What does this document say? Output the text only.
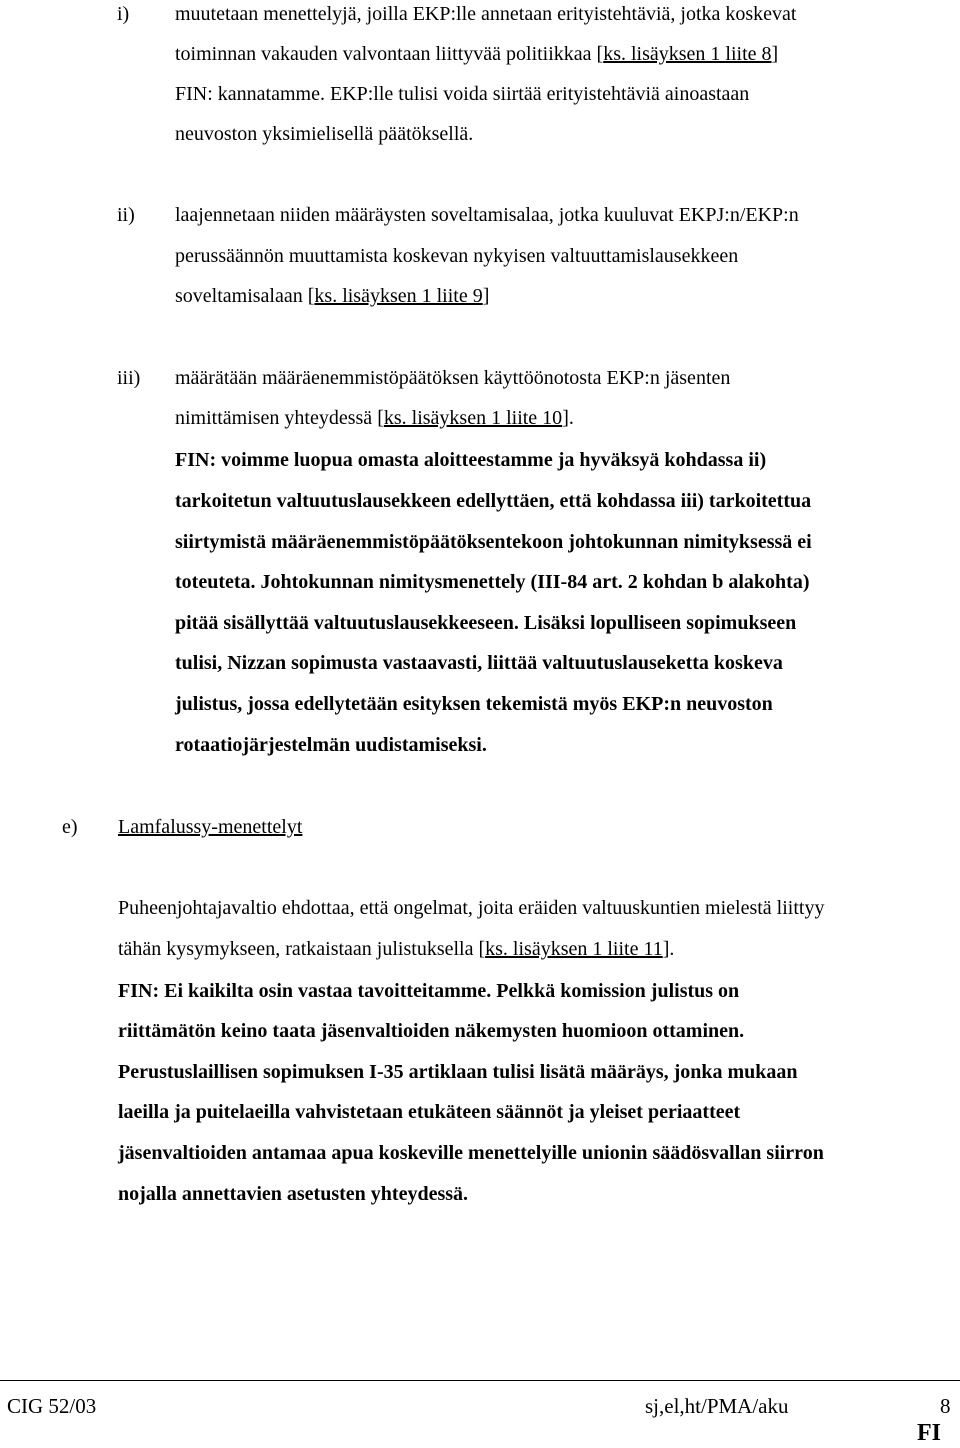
i) muutetaan menettelyjä, joilla EKP:lle annetaan erityistehtäviä, jotka koskevat
toiminnan vakauden valvontaan liittyvää politiikkaa [ks. lisäyksen 1 liite 8]
FIN: kannatamme. EKP:lle tulisi voida siirtää erityistehtäviä ainoastaan
neuvoston yksimielisellä päätöksellä.
ii) laajennetaan niiden määräysten soveltamisalaa, jotka kuuluvat EKPJ:n/EKP:n
perussäännön muuttamista koskevan nykyisen valtuuttamislausekkeen
soveltamisalaan [ks. lisäyksen 1 liite 9]
iii) määrätään määräenemmistöpäätöksen käyttöönotosta EKP:n jäsenten
nimittämisen yhteydessä [ks. lisäyksen 1 liite 10].
FIN: voimme luopua omasta aloitteestamme ja hyväksyä kohdassa ii)
tarkoitetun valtuutuslausekkeen edellyttäen, että kohdassa iii) tarkoitettua
siirtymistä määräenemmistöpäätöksentekoon johtokunnan nimityksessä ei
toteuteta. Johtokunnan nimitysmenettely (III-84 art. 2 kohdan b alakohta)
pitää sisällyttää valtuutuslausekkeeseen. Lisäksi lopulliseen sopimukseen
tulisi, Nizzan sopimusta vastaavasti, liittää valtuutuslauseketta koskeva
julistus, jossa edellytetään esityksen tekemistä myös EKP:n neuvoston
rotaatiojärjestelmän uudistamiseksi.
e) Lamfalussy-menettelyt
Puheenjohtajavaltio ehdottaa, että ongelmat, joita eräiden valtuuskuntien mielestä liittyy
tähän kysymykseen, ratkaistaan julistuksella [ks. lisäyksen 1 liite 11].
FIN: Ei kaikilta osin vastaa tavoitteitamme. Pelkkä komission julistus on
riittämätön keino taata jäsenvaltioiden näkemysten huomioon ottaminen.
Perustuslaillisen sopimuksen I-35 artiklaan tulisi lisätä määräys, jonka mukaan
laeilla ja puitelaeilla vahvistetaan etukäteen säännöt ja yleiset periaatteet
jäsenvaltioiden antamaa apua koskeville menettelyille unionin säädösvallan siirron
nojalla annettavien asetusten yhteydessä.
CIG 52/03	sj,el,ht/PMA/aku	8
FI
